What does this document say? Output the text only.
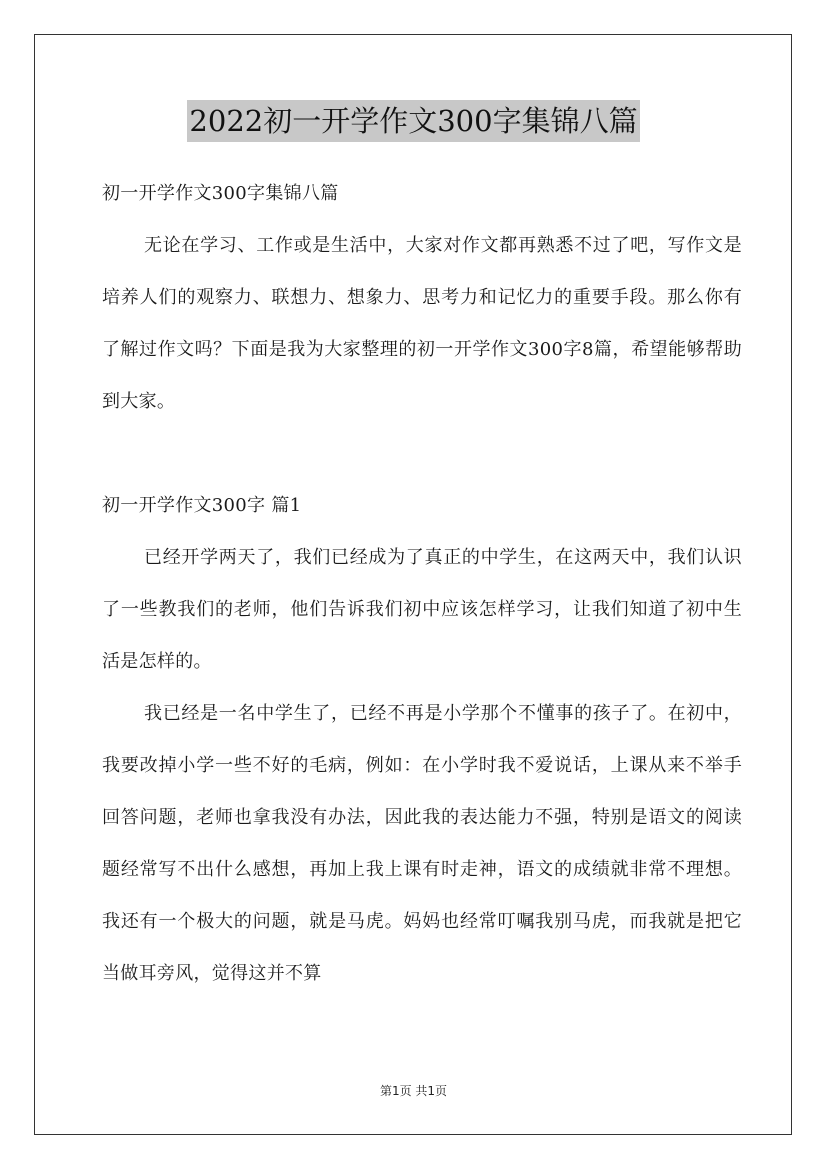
2022初一开学作文300字集锦八篇

初一开学作文300字集锦八篇

无论在学习、工作或是生活中，大家对作文都再熟悉不过了吧，写作文是培养人们的观察力、联想力、想象力、思考力和记忆力的重要手段。那么你有了解过作文吗？下面是我为大家整理的初一开学作文300字8篇，希望能够帮助到大家。

初一开学作文300字 篇1

已经开学两天了，我们已经成为了真正的中学生，在这两天中，我们认识了一些教我们的老师，他们告诉我们初中应该怎样学习，让我们知道了初中生活是怎样的。

我已经是一名中学生了，已经不再是小学那个不懂事的孩子了。在初中，我要改掉小学一些不好的毛病，例如：在小学时我不爱说话，上课从来不举手回答问题，老师也拿我没有办法，因此我的表达能力不强，特别是语文的阅读题经常写不出什么感想，再加上我上课有时走神，语文的成绩就非常不理想。我还有一个极大的问题，就是马虎。妈妈也经常叮嘱我别马虎，而我就是把它当做耳旁风，觉得这并不算

第1页 共1页
